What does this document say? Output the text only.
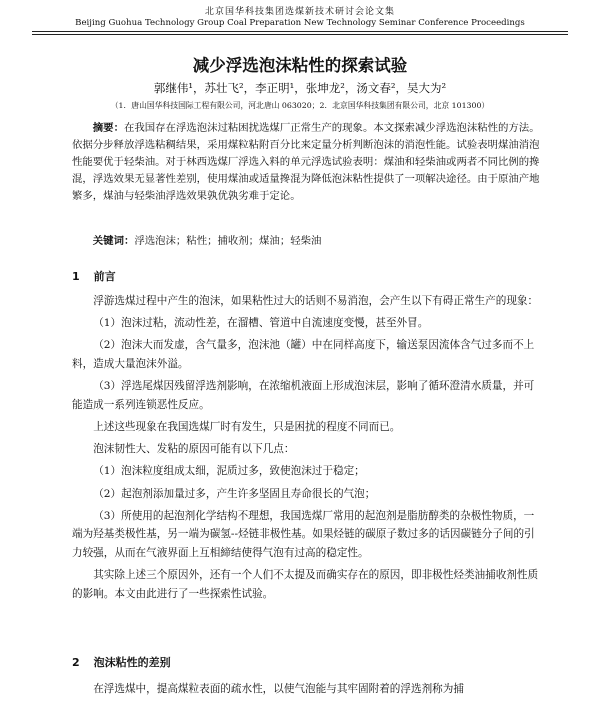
北京国华科技集团选煤新技术研讨会论文集
Beijing Guohua Technology Group Coal Preparation New Technology Seminar Conference Proceedings
减少浮选泡沫粘性的探索试验
郭继伟¹，苏壮飞²，李正明¹，张坤龙²，汤文春²，吴大为²
（1．唐山国华科技国际工程有限公司，河北唐山 063020；2．北京国华科技集团有限公司，北京 101300）
摘要：在我国存在浮选泡沫过粘困扰选煤厂正常生产的现象。本文探索减少浮选泡沫粘性的方法。依据分步释放浮选粘稠结果，采用煤粒粘附百分比来定量分析判断泡沫的消泡性能。试验表明煤油消泡性能要优于轻柴油。对于林西选煤厂浮选入料的单元浮选试验表明：煤油和轻柴油或两者不同比例的搀混，浮选效果无显著性差别，使用煤油或适量搀混为降低泡沫粘性提供了一项解决途径。由于原油产地繁多，煤油与轻柴油浮选效果孰优孰劣难于定论。
关键词：浮选泡沫；粘性；捕收剂；煤油；轻柴油
1 前言

浮游选煤过程中产生的泡沫，如果粘性过大的话则不易消泡，会产生以下有碍正常生产的现象：

（1）泡沫过粘，流动性差，在溜槽、管道中自流速度变慢，甚至外冒。

（2）泡沫大而发虚，含气量多，泡沫池（罐）中在同样高度下，输送泵因流体含气过多而不上料，造成大量泡沫外溢。

（3）浮选尾煤因残留浮选剂影响，在浓缩机液面上形成泡沫层，影响了循环澄清水质量，并可能造成一系列连锁恶性反应。

上述这些现象在我国选煤厂时有发生，只是困扰的程度不同而已。

泡沫韧性大、发粘的原因可能有以下几点：

（1）泡沫粒度组成太细，泥质过多，致使泡沫过于稳定；

（2）起泡剂添加量过多，产生许多坚固且寿命很长的气泡；

（3）所使用的起泡剂化学结构不理想，我国选煤厂常用的起泡剂是脂肪醇类的杂极性物质，一端为羟基类极性基，另一端为碳氢--烃链非极性基。如果烃链的碳原子数过多的话因碳链分子间的引力较强，从而在气液界面上互相締结使得气泡有过高的稳定性。

其实除上述三个原因外，还有一个人们不太提及而确实存在的原因，即非极性烃类油捕收剂性质的影响。本文由此进行了一些探索性试验。

2 泡沫粘性的差别

在浮选煤中，提高煤粒表面的疏水性，以使气泡能与其牢固附着的浮选剂称为捕
